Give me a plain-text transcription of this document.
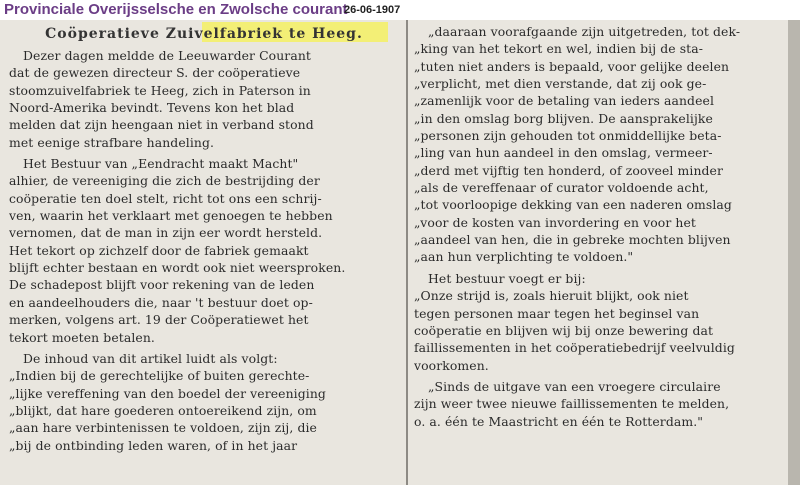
Provinciale Overijsselsche en Zwolsche courant
26-06-1907
Coöperatieve Zuivelfabriek te Heeg.
Dezer dagen meldde de Leeuwarder Courant
dat de gewezen directeur S. der coöperatieve
stoomzuivelfabriek te Heeg, zich in Paterson in
Noord-Amerika bevindt. Tevens kon het blad
melden dat zijn heengaan niet in verband stond
met eenige strafbare handeling.
Het Bestuur van „Eendracht maakt Macht"
alhier, de vereeniging die zich de bestrijding der
coöperatie ten doel stelt, richt tot ons een schrij-
ven, waarin het verklaart met genoegen te hebben
vernomen, dat de man in zijn eer wordt hersteld.
Het tekort op zichzelf door de fabriek gemaakt
blijft echter bestaan en wordt ook niet weersproken.
De schadepost blijft voor rekening van de leden
en aandeelhouders die, naar 't bestuur doet op-
merken, volgens art. 19 der Coöperatiewet het
tekort moeten betalen.
De inhoud van dit artikel luidt als volgt:
„Indien bij de gerechtelijke of buiten gerechte-
„lijke vereffening van den boedel der vereeniging
„blijkt, dat hare goederen ontoereikend zijn, om
„aan hare verbintenissen te voldoen, zijn zij, die
„bij de ontbinding leden waren, of in het jaar
„daaraan voorafgaande zijn uitgetreden, tot dek-
„king van het tekort en wel, indien bij de sta-
„tuten niet anders is bepaald, voor gelijke deelen
„verplicht, met dien verstande, dat zij ook ge-
„zamenlijk voor de betaling van ieders aandeel
„in den omslag borg blijven. De aansprakelijke
„personen zijn gehouden tot onmiddellijke beta-
„ling van hun aandeel in den omslag, vermeer-
„derd met vijftig ten honderd, of zooveel minder
„als de vereffenaar of curator voldoende acht,
„tot voorloopige dekking van een naderen omslag
„voor de kosten van invordering en voor het
„aandeel van hen, die in gebreke mochten blijven
„aan hun verplichting te voldoen."
Het bestuur voegt er bij:
„Onze strijd is, zoals hieruit blijkt, ook niet
tegen personen maar tegen het beginsel van
coöperatie en blijven wij bij onze bewering dat
faillissementen in het coöperatiebedrijf veelvuldig
voorkomen.
„Sinds de uitgave van een vroegere circulaire
zijn weer twee nieuwe faillissementen te melden,
o. a. één te Maastricht en één te Rotterdam."
